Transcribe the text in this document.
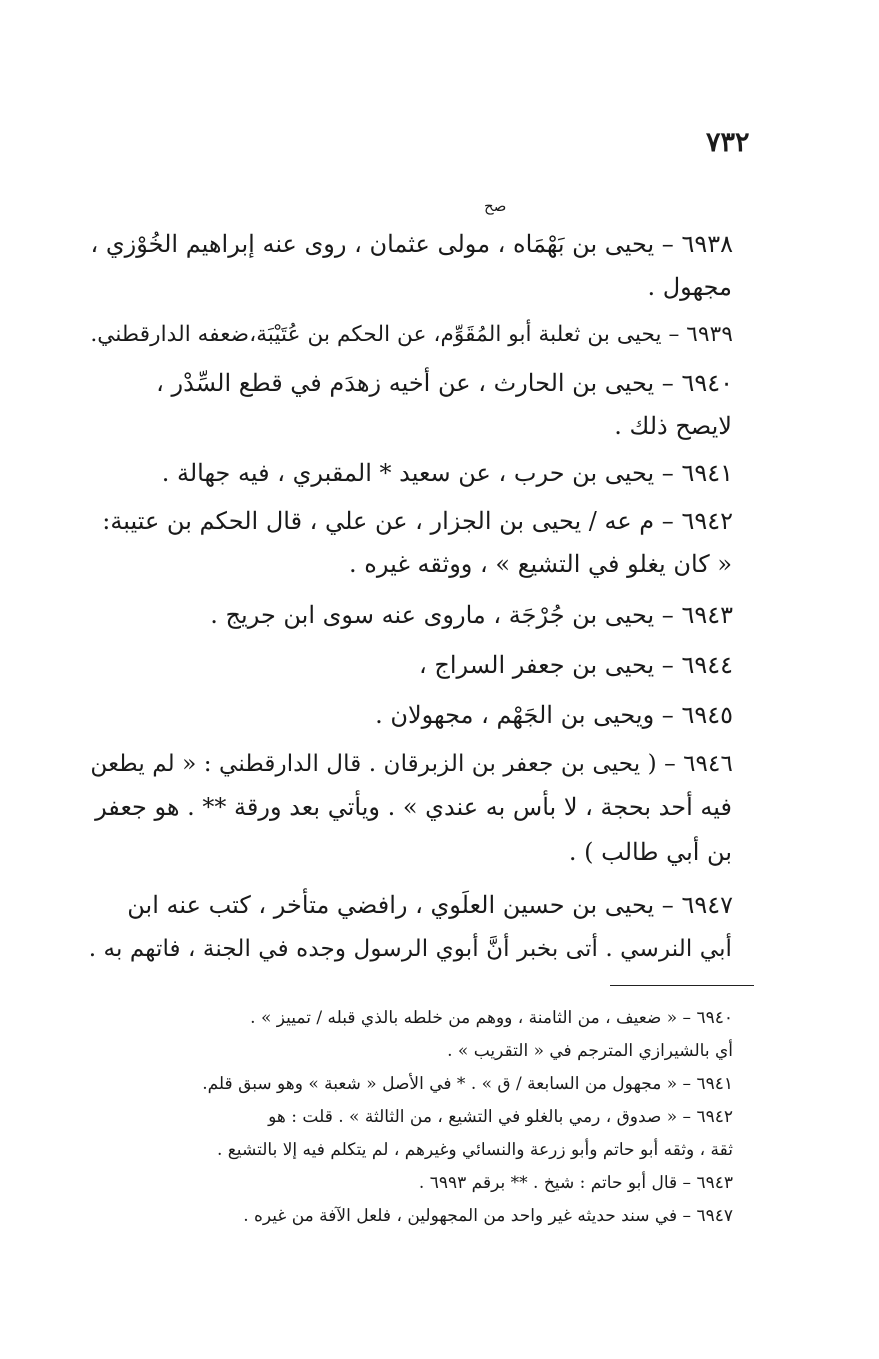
٧٣٢
صح
٦٩٣٨ – يحيى بن بَهْمَاه ، مولى عثمان ، روى عنه إبراهيم الخُوْزي ،
مجهول .
٦٩٣٩ – يحيى بن ثعلبة أبو المُقَوِّم، عن الحكم بن عُتَيْبَة،ضعفه الدارقطني.
٦٩٤٠ – يحيى بن الحارث ، عن أخيه زهدَم في قطع السِّدْر ،
لايصح ذلك .
٦٩٤١ – يحيى بن حرب ، عن سعيد * المقبري ، فيه جهالة .
٦٩٤٢ – م عه / يحيى بن الجزار ، عن علي ، قال الحكم بن عتيبة:
« كان يغلو في التشيع » ، ووثقه غيره .
٦٩٤٣ – يحيى بن جُرْجَة ، ماروى عنه سوى ابن جريج .
٦٩٤٤ – يحيى بن جعفر السراج ،
٦٩٤٥ – ويحيى بن الجَهْم ، مجهولان .
٦٩٤٦ – ( يحيى بن جعفر بن الزبرقان . قال الدارقطني : « لم يطعن
فيه أحد بحجة ، لا بأس به عندي » . ويأتي بعد ورقة ** . هو جعفر
بن أبي طالب ) .
٦٩٤٧ – يحيى بن حسين العلَوي ، رافضي متأخر ، كتب عنه ابن
أبي النرسي . أتى بخبر أنَّ أبوي الرسول وجده في الجنة ، فاتهم به .
٦٩٤٠ – « ضعيف ، من الثامنة ، ووهم من خلطه بالذي قبله / تمييز » .
أي بالشيرازي المترجم في « التقريب » .
٦٩٤١ – « مجهول من السابعة / ق » . * في الأصل « شعبة » وهو سبق قلم.
٦٩٤٢ – « صدوق ، رمي بالغلو في التشيع ، من الثالثة » . قلت : هو
ثقة ، وثقه أبو حاتم وأبو زرعة والنسائي وغيرهم ، لم يتكلم فيه إلا بالتشيع .
٦٩٤٣ – قال أبو حاتم : شيخ . ** برقم ٦٩٩٣ .
٦٩٤٧ – في سند حديثه غير واحد من المجهولين ، فلعل الآفة من غيره .
